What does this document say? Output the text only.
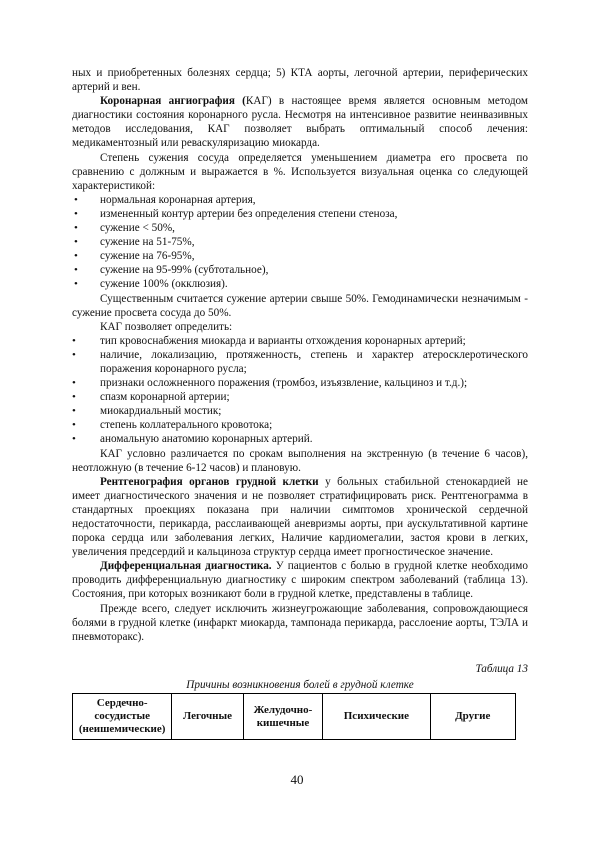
ных и приобретенных болезнях сердца; 5) КТА аорты, легочной артерии, периферических артерий и вен.

Коронарная ангиография (КАГ) в настоящее время является основным методом диагностики состояния коронарного русла. Несмотря на интенсивное развитие неинвазивных методов исследования, КАГ позволяет выбрать оптимальный способ лечения: медикаментозный или реваскуляризацию миокарда.

Степень сужения сосуда определяется уменьшением диаметра его просвета по сравнению с должным и выражается в %. Используется визуальная оценка со следующей характеристикой:

• нормальная коронарная артерия,
• измененный контур артерии без определения степени стеноза,
• сужение < 50%,
• сужение на 51-75%,
• сужение на 76-95%,
• сужение на 95-99% (субтотальное),
• сужение 100% (окклюзия).

Существенным считается сужение артерии свыше 50%. Гемодинамически незначимым - сужение просвета сосуда до 50%.

КАГ позволяет определить:

• тип кровоснабжения миокарда и варианты отхождения коронарных артерий;
• наличие, локализацию, протяженность, степень и характер атеросклеротического поражения коронарного русла;
• признаки осложненного поражения (тромбоз, изъязвление, кальциноз и т.д.);
• спазм коронарной артерии;
• миокардиальный мостик;
• степень коллатерального кровотока;
• аномальную анатомию коронарных артерий.

КАГ условно различается по срокам выполнения на экстренную (в течение 6 часов), неотложную (в течение 6-12 часов) и плановую.

Рентгенография органов грудной клетки у больных стабильной стенокардией не имеет диагностического значения и не позволяет стратифицировать риск. Рентгенограмма в стандартных проекциях показана при наличии симптомов хронической сердечной недостаточности, перикарда, расслаивающей аневризмы аорты, при аускультативной картине порока сердца или заболевания легких, Наличие кардиомегалии, застоя крови в легких, увеличения предсердий и кальциноза структур сердца имеет прогностическое значение.

Дифференциальная диагностика. У пациентов с болью в грудной клетке необходимо проводить дифференциальную диагностику с широким спектром заболеваний (таблица 13). Состояния, при которых возникают боли в грудной клетке, представлены в таблице.

Прежде всего, следует исключить жизнеугрожающие заболевания, сопровождающиеся болями в грудной клетке (инфаркт миокарда, тампонада перикарда, расслоение аорты, ТЭЛА и пневмоторакс).

Таблица 13
Причины возникновения болей в грудной клетке
Сердечно-сосудистые (неишемические)	Легочные	Желудочно-кишечные	Психические	Другие
40
